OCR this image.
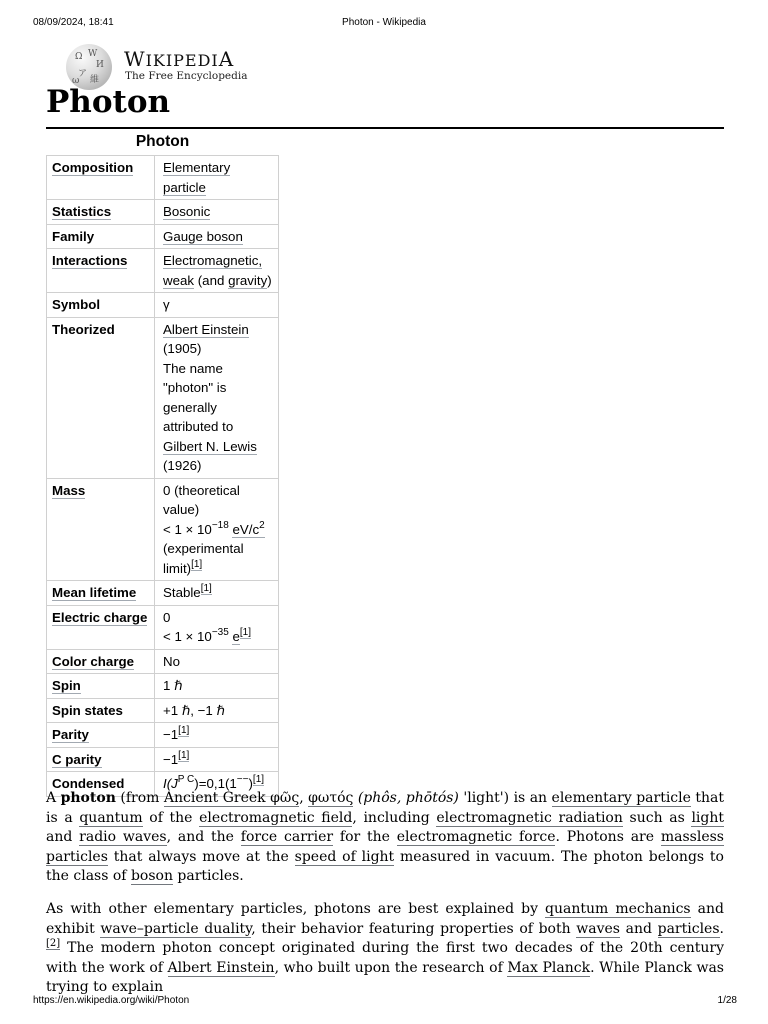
08/09/2024, 18:41	Photon - Wikipedia
Ω W
И
ア
維
ω
WIKIPEDIA
The Free Encyclopedia
Photon
Photon
Composition	Elementary particle
Statistics	Bosonic
Family	Gauge boson
Interactions	Electromagnetic,
weak (and gravity)
Symbol	γ
Theorized	Albert Einstein
(1905)
The name "photon" is generally attributed to
Gilbert N. Lewis
(1926)
Mass	0 (theoretical value)
< $1 \times 10^{-18}$ $eV/c^2$
(experimental limit)[1]
Mean lifetime	Stable[1]
Electric charge	0
< $1 \times 10^{-35}$ e[1]
Color charge	No
Spin	1 ℏ
Spin states	+1 ℏ, −1 ℏ
Parity	−1[1]
C parity	−1[1]
Condensed	$I(J^{P C})=0,1(1^{--})[1]$

A photon (from Ancient Greek φῶς, φωτός (phôs, phōtós) 'light') is an elementary particle that is a quantum of the electromagnetic field, including electromagnetic radiation such as light and radio waves, and the force carrier for the electromagnetic force. Photons are massless particles that always move at the speed of light measured in vacuum. The photon belongs to the class of boson particles.

As with other elementary particles, photons are best explained by quantum mechanics and exhibit wave–particle duality, their behavior featuring properties of both waves and particles.[2] The modern photon concept originated during the first two decades of the 20th century with the work of Albert Einstein, who built upon the research of Max Planck. While Planck was trying to explain

https://en.wikipedia.org/wiki/Photon	1/28
